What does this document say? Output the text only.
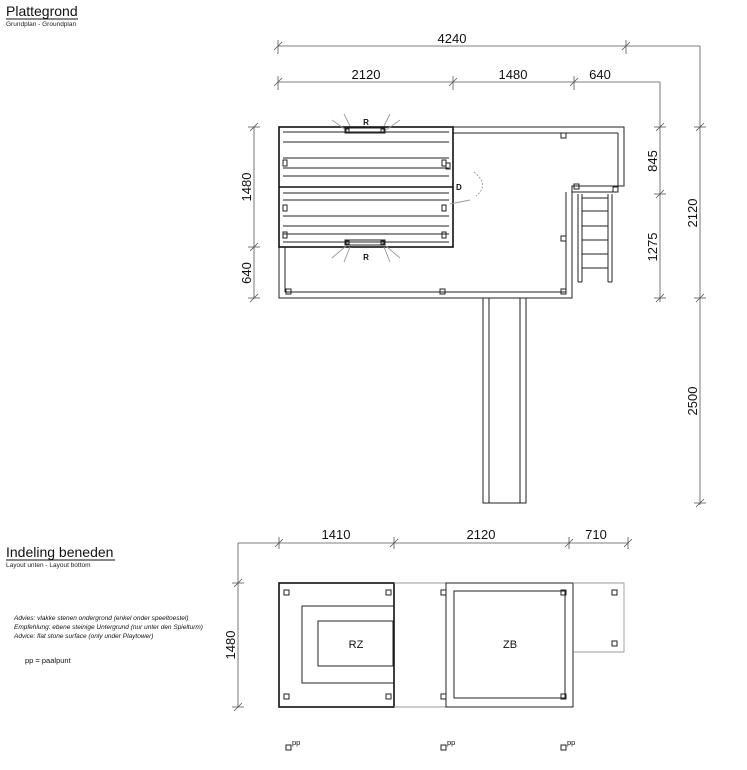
Plattegrond
Grundplan - Groundplan
4240
2120	1480	640
845
1275
2120
2500
1480
640
R
R
D
Indeling beneden
Layout unten - Layout bottom
1410	2120	710
1480	RZ	ZB
Advies: vlakke stenen ondergrond (enkel onder speeltoestel)
Empfehlung: ebene steinige Untergrund (nur unter den Spielturm)
Advice: flat stone surface (only under Playtower)
pp = paalpunt
pp	pp	pp
